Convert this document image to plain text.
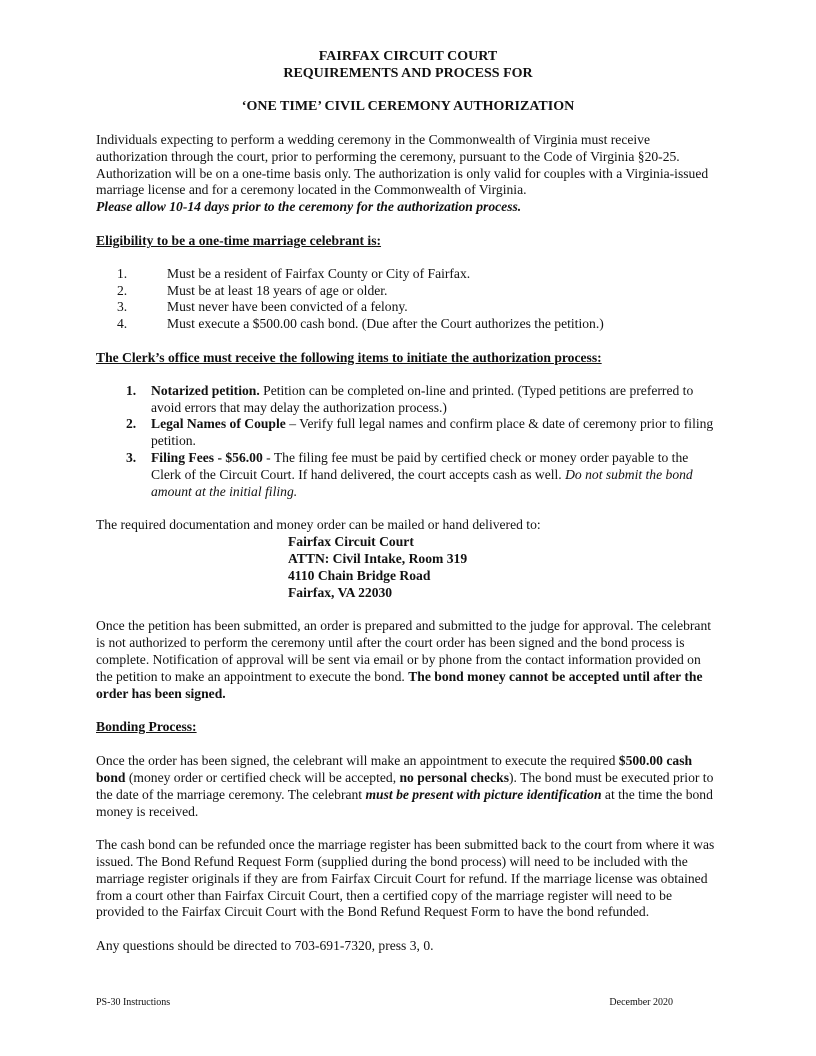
FAIRFAX CIRCUIT COURT
REQUIREMENTS AND PROCESS FOR
‘ONE TIME’ CIVIL CEREMONY AUTHORIZATION

Individuals expecting to perform a wedding ceremony in the Commonwealth of Virginia must receive authorization through the court, prior to performing the ceremony, pursuant to the Code of Virginia §20-25. Authorization will be on a one-time basis only. The authorization is only valid for couples with a Virginia-issued marriage license and for a ceremony located in the Commonwealth of Virginia.
Please allow 10-14 days prior to the ceremony for the authorization process.

Eligibility to be a one-time marriage celebrant is:

1.	Must be a resident of Fairfax County or City of Fairfax.
2.	Must be at least 18 years of age or older.
3.	Must never have been convicted of a felony.
4.	Must execute a $500.00 cash bond. (Due after the Court authorizes the petition.)

The Clerk’s office must receive the following items to initiate the authorization process:

1. Notarized petition. Petition can be completed on-line and printed. (Typed petitions are preferred to avoid errors that may delay the authorization process.)
2. Legal Names of Couple – Verify full legal names and confirm place & date of ceremony prior to filing petition.
3. Filing Fees - $56.00 - The filing fee must be paid by certified check or money order payable to the Clerk of the Circuit Court. If hand delivered, the court accepts cash as well. Do not submit the bond amount at the initial filing.

The required documentation and money order can be mailed or hand delivered to:

Fairfax Circuit Court
ATTN: Civil Intake, Room 319
4110 Chain Bridge Road
Fairfax, VA 22030

Once the petition has been submitted, an order is prepared and submitted to the judge for approval. The celebrant is not authorized to perform the ceremony until after the court order has been signed and the bond process is complete. Notification of approval will be sent via email or by phone from the contact information provided on the petition to make an appointment to execute the bond. The bond money cannot be accepted until after the order has been signed.

Bonding Process:

Once the order has been signed, the celebrant will make an appointment to execute the required $500.00 cash bond (money order or certified check will be accepted, no personal checks). The bond must be executed prior to the date of the marriage ceremony. The celebrant must be present with picture identification at the time the bond money is received.

The cash bond can be refunded once the marriage register has been submitted back to the court from where it was issued. The Bond Refund Request Form (supplied during the bond process) will need to be included with the marriage register originals if they are from Fairfax Circuit Court for refund. If the marriage license was obtained from a court other than Fairfax Circuit Court, then a certified copy of the marriage register will need to be provided to the Fairfax Circuit Court with the Bond Refund Request Form to have the bond refunded.

Any questions should be directed to 703-691-7320, press 3, 0.

PS-30 Instructions	December 2020
